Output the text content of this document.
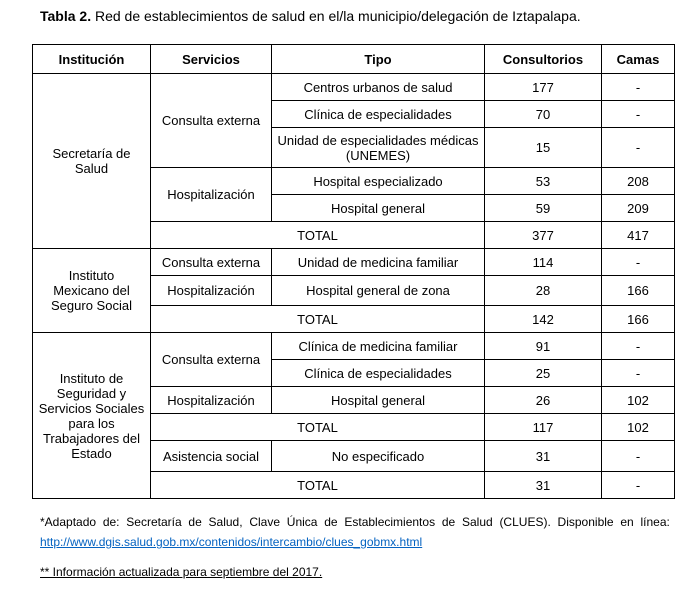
Tabla 2. Red de establecimientos de salud en el/la municipio/delegación de Iztapalapa.
Institución	Servicios	Tipo	Consultorios	Camas
Secretaría de Salud	Consulta externa	Centros urbanos de salud	177	-
		Clínica de especialidades	70	-
		Unidad de especialidades médicas (UNEMES)	15	-
	Hospitalización	Hospital especializado	53	208
		Hospital general	59	209
	TOTAL		377	417
Instituto Mexicano del Seguro Social	Consulta externa	Unidad de medicina familiar	114	-
	Hospitalización	Hospital general de zona	28	166
	TOTAL		142	166
Instituto de Seguridad y Servicios Sociales para los Trabajadores del Estado	Consulta externa	Clínica de medicina familiar	91	-
		Clínica de especialidades	25	-
	Hospitalización	Hospital general	26	102
	TOTAL		117	102
	Asistencia social	No especificado	31	-
	TOTAL		31	-
*Adaptado de: Secretaría de Salud, Clave Única de Establecimientos de Salud (CLUES). Disponible en línea:
http://www.dgis.salud.gob.mx/contenidos/intercambio/clues_gobmx.html
** Información actualizada para septiembre del 2017.
